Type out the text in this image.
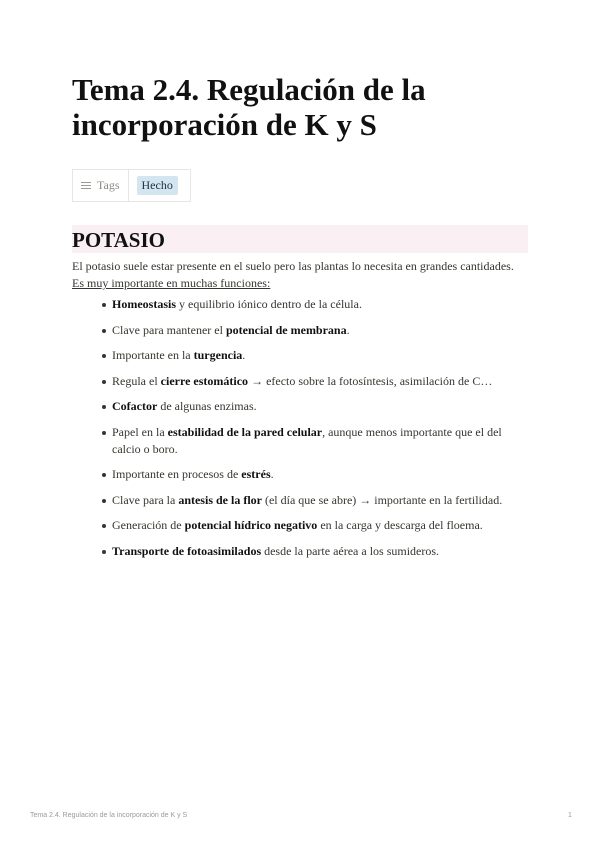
Tema 2.4. Regulación de la incorporación de K y S
Tags	Hecho
POTASIO

El potasio suele estar presente en el suelo pero las plantas lo necesita en grandes cantidades.
Es muy importante en muchas funciones:

Homeostasis y equilibrio iónico dentro de la célula.
Clave para mantener el potencial de membrana.
Importante en la turgencia.
Regula el cierre estomático → efecto sobre la fotosíntesis, asimilación de C…
Cofactor de algunas enzimas.
Papel en la estabilidad de la pared celular, aunque menos importante que el del calcio o boro.
Importante en procesos de estrés.
Clave para la antesis de la flor (el día que se abre) → importante en la fertilidad.
Generación de potencial hídrico negativo en la carga y descarga del floema.
Transporte de fotoasimilados desde la parte aérea a los sumideros.
Tema 2.4. Regulación de la incorporación de K y S	1
